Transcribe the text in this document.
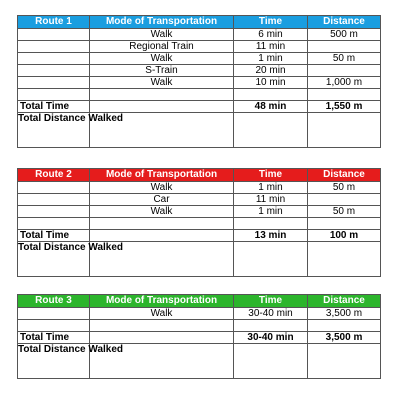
Route 1	Mode of Transportation	Time	Distance
	Walk	6 min	500 m
	Regional Train	11 min	
	Walk	1 min	50 m
	S-Train	20 min	
	Walk	10 min	1,000 m

Total Time		48 min	1,550 m
Total Distance Walked			
Route 2	Mode of Transportation	Time	Distance
	Walk	1 min	50 m
	Car	11 min	
	Walk	1 min	50 m

Total Time		13 min	100 m
Total Distance Walked			
Route 3	Mode of Transportation	Time	Distance
	Walk	30-40 min	3,500 m

Total Time		30-40 min	3,500 m
Total Distance Walked			
